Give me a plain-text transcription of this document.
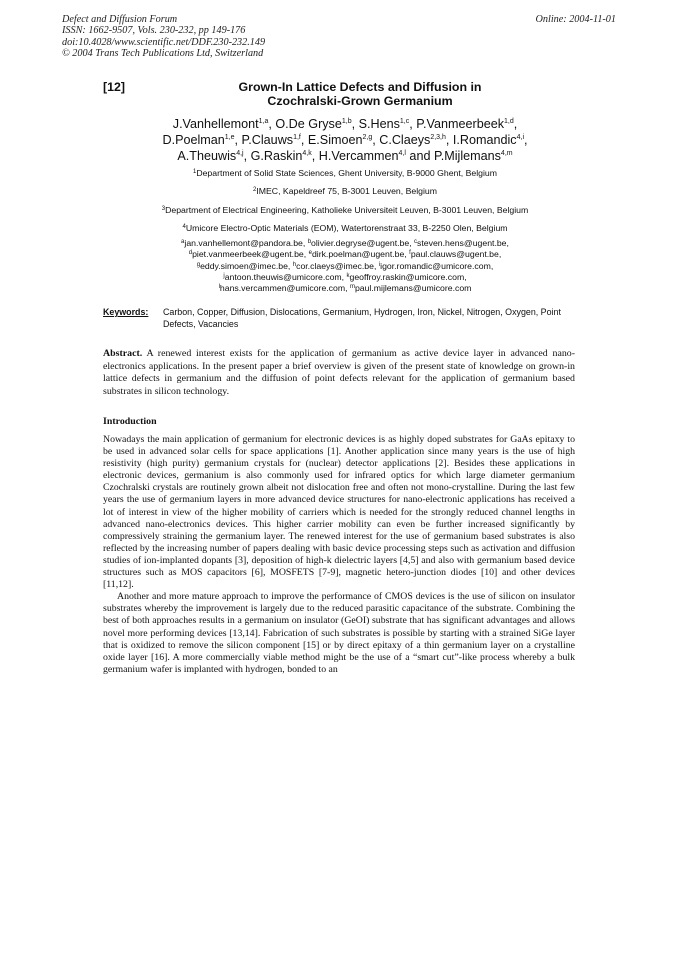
Defect and Diffusion Forum
ISSN: 1662-9507, Vols. 230-232, pp 149-176
doi:10.4028/www.scientific.net/DDF.230-232.149
© 2004 Trans Tech Publications Ltd, Switzerland
Online: 2004-11-01
[12]	Grown-In Lattice Defects and Diffusion in
Czochralski-Grown Germanium
J.Vanhellemont$^{1,a}$, O.De Gryse$^{1,b}$, S.Hens$^{1,c}$, P.Vanmeerbeek$^{1,d}$,
D.Poelman$^{1,e}$, P.Clauws$^{1,f}$, E.Simoen$^{2,g}$, C.Claeys$^{2,3,h}$, I.Romandic$^{4,i}$,
A.Theuwis$^{4,j}$, G.Raskin$^{4,k}$, H.Vercammen$^{4,l}$ and P.Mijlemans$^{4,m}$
$^1$Department of Solid State Sciences, Ghent University, B-9000 Ghent, Belgium
$^2$IMEC, Kapeldreef 75, B-3001 Leuven, Belgium
$^3$Department of Electrical Engineering, Katholieke Universiteit Leuven, B-3001 Leuven, Belgium
$^4$Umicore Electro-Optic Materials (EOM), Watertorenstraat 33, B-2250 Olen, Belgium
$^a$jan.vanhellemont@pandora.be, $^b$olivier.degryse@ugent.be, $^c$steven.hens@ugent.be,
$^d$piet.vanmeerbeek@ugent.be, $^e$dirk.poelman@ugent.be, $^f$paul.clauws@ugent.be,
$^g$eddy.simoen@imec.be, $^h$cor.claeys@imec.be, $^i$igor.romandic@umicore.com,
$^j$antoon.theuwis@umicore.com, $^k$geoffroy.raskin@umicore.com,
$^l$hans.vercammen@umicore.com, $^m$paul.mijlemans@umicore.com
Keywords: Carbon, Copper, Diffusion, Dislocations, Germanium, Hydrogen, Iron, Nickel, Nitrogen, Oxygen, Point Defects, Vacancies
Abstract. A renewed interest exists for the application of germanium as active device layer in advanced nano-electronics applications. In the present paper a brief overview is given of the present state of knowledge on grown-in lattice defects in germanium and the diffusion of point defects relevant for the application of germanium based substrates in silicon technology.
Introduction

Nowadays the main application of germanium for electronic devices is as highly doped substrates for GaAs epitaxy to be used in advanced solar cells for space applications [1]. Another application since many years is the use of high resistivity (high purity) germanium crystals for (nuclear) detector applications [2]. Besides these applications in electronic devices, germanium is also commonly used for infrared optics for which large diameter germanium Czochralski crystals are routinely grown albeit not dislocation free and often not mono-crystalline. During the last few years the use of germanium layers in more advanced device structures for nano-electronic applications has received a lot of interest in view of the higher mobility of carriers which is needed for the strongly reduced channel lengths in advanced nano-electronics devices. This higher carrier mobility can even be further increased significantly by compressively straining the germanium layer. The renewed interest for the use of germanium based substrates is also reflected by the increasing number of papers dealing with basic device processing steps such as activation and diffusion studies of ion-implanted dopants [3], deposition of high-k dielectric layers [4,5] and also with germanium based device structures such as MOS capacitors [6], MOSFETS [7-9], magnetic hetero-junction diodes [10] and other devices [11,12].

Another and more mature approach to improve the performance of CMOS devices is the use of silicon on insulator substrates whereby the improvement is largely due to the reduced parasitic capacitance of the substrate. Combining the best of both approaches results in a germanium on insulator (GeOI) substrate that has significant advantages and allows novel more performing devices [13,14]. Fabrication of such substrates is possible by starting with a strained SiGe layer that is oxidized to remove the silicon component [15] or by direct epitaxy of a thin germanium layer on a crystalline oxide layer [16]. A more commercially viable method might be the use of a “smart cut”-like process whereby a bulk germanium wafer is implanted with hydrogen, bonded to an
